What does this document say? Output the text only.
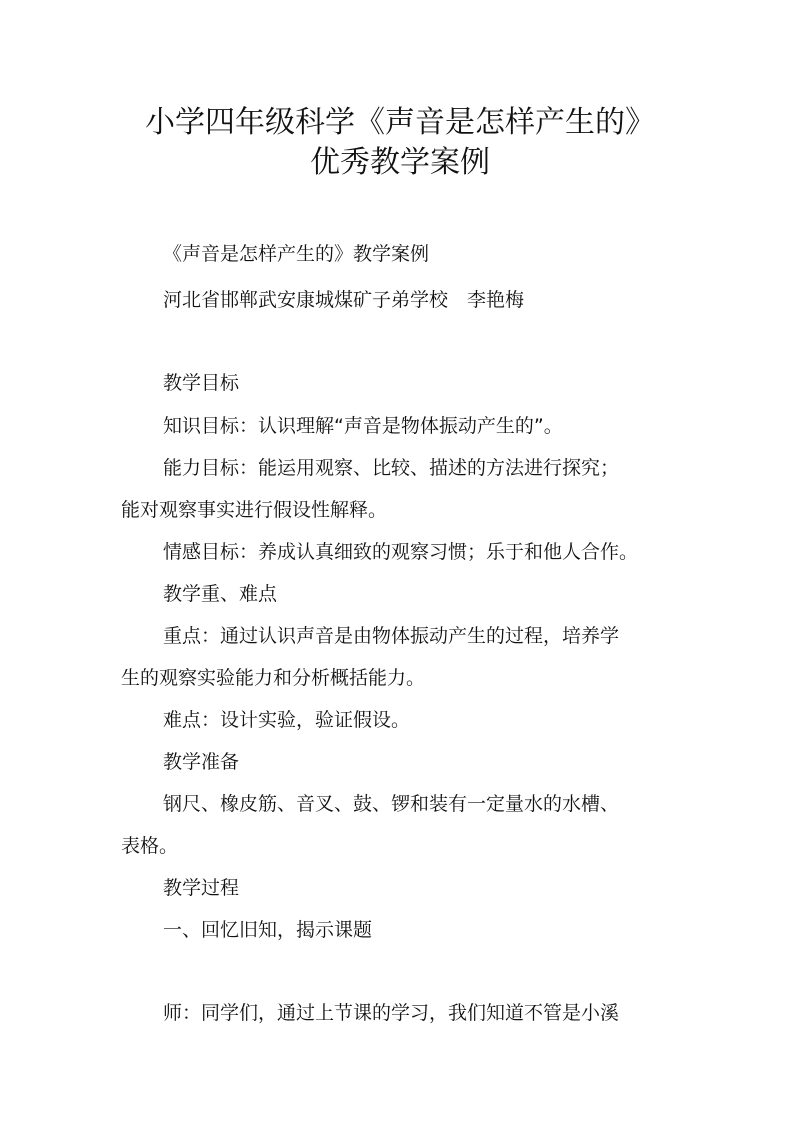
小学四年级科学《声音是怎样产生的》
优秀教学案例

《声音是怎样产生的》教学案例

河北省邯郸武安康城煤矿子弟学校　李艳梅

教学目标

知识目标：认识理解“声音是物体振动产生的”。

能力目标：能运用观察、比较、描述的方法进行探究；

能对观察事实进行假设性解释。

情感目标：养成认真细致的观察习惯；乐于和他人合作。

教学重、难点

重点：通过认识声音是由物体振动产生的过程，培养学

生的观察实验能力和分析概括能力。

难点：设计实验，验证假设。

教学准备

钢尺、橡皮筋、音叉、鼓、锣和装有一定量水的水槽、

表格。

教学过程

一、回忆旧知，揭示课题

师：同学们，通过上节课的学习，我们知道不管是小溪
